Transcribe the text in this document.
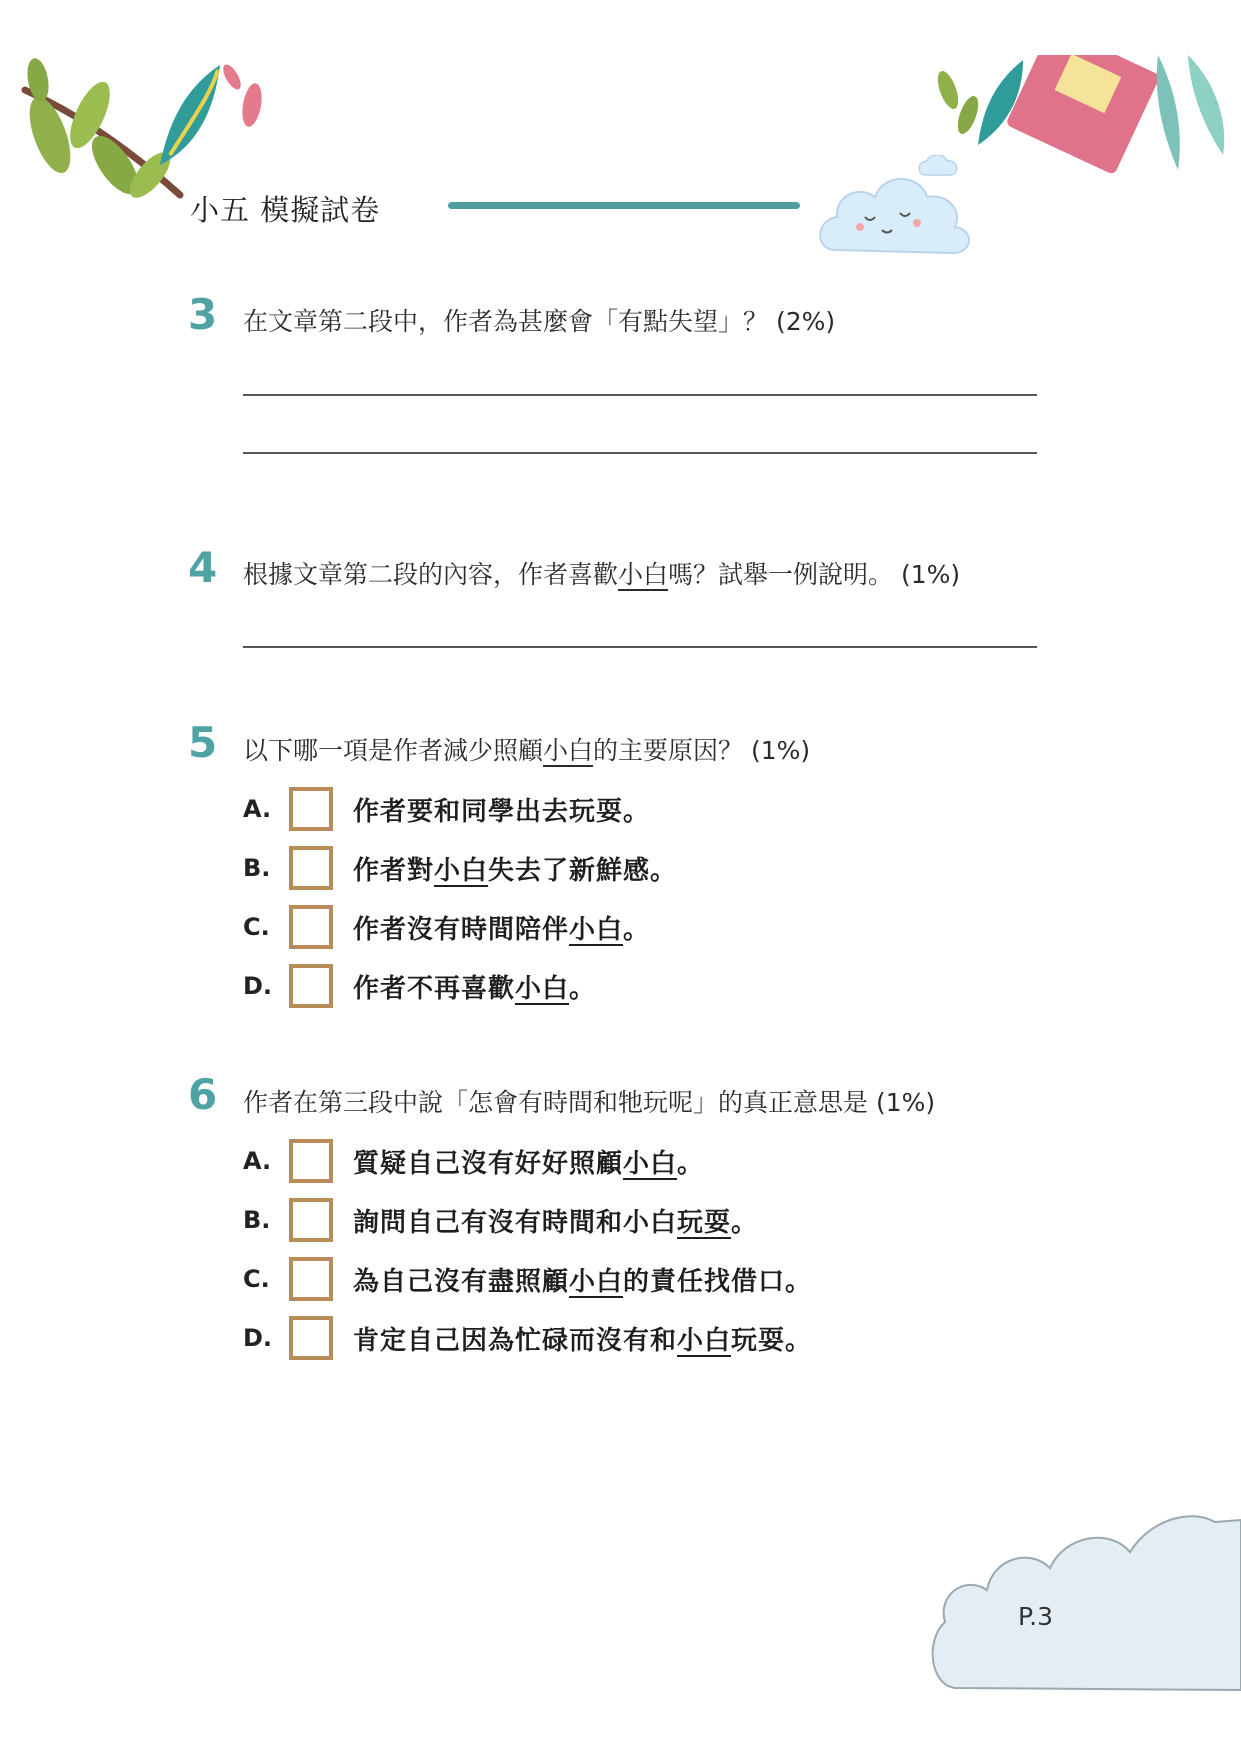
小五 模擬試卷
3 在文章第二段中，作者為甚麼會「有點失望」？ (2%)
4 根據文章第二段的內容，作者喜歡小白嗎？試舉一例說明。 (1%)
5 以下哪一項是作者減少照顧小白的主要原因？ (1%)
A.	作者要和同學出去玩耍。
B.	作者對小白失去了新鮮感。
C.	作者沒有時間陪伴小白。
D.	作者不再喜歡小白。
6 作者在第三段中說「怎會有時間和牠玩呢」的真正意思是 (1%)
A.	質疑自己沒有好好照顧小白。
B.	詢問自己有沒有時間和小白玩耍。
C.	為自己沒有盡照顧小白的責任找借口。
D.	肯定自己因為忙碌而沒有和小白玩耍。
P.3
